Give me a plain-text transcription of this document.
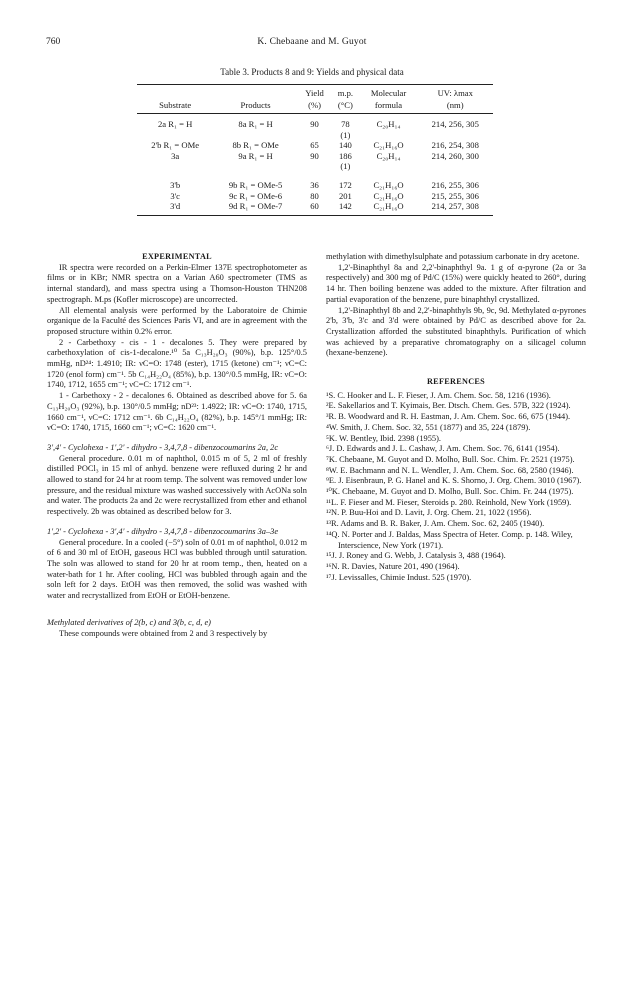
760	K. Chebaane and M. Guyot
Table 3. Products 8 and 9: Yields and physical data
		Yield	m.p.	Molecular	UV: λmax
Substrate	Products	(%)	(°C)	formula	(nm)
2a R₁ = H	8a R₁ = H	90	78	C₂₀H₁₄	214, 256, 305
			(1)		
2'b R₁ = OMe	8b R₁ = OMe	65	140	C₂₁H₁₆O	216, 254, 308
3a	9a R₁ = H	90	186	C₂₀H₁₄	214, 260, 300
			(1)		
3'b	9b R₁ = OMe-5	36	172	C₂₁H₁₆O	216, 255, 306
3'c	9c R₁ = OMe-6	80	201	C₂₁H₁₆O	215, 255, 306
3'd	9d R₁ = OMe-7	60	142	C₂₁H₁₆O	214, 257, 308

EXPERIMENTAL

IR spectra were recorded on a Perkin-Elmer 137E spectrophotometer as films or in KBr; NMR spectra on a Varian A60 spectrometer (TMS as internal standard), and mass spectra using a Thomson-Houston THN208 spectrograph. M.ps (Kofler microscope) are uncorrected.

All elemental analysis were performed by the Laboratoire de Chimie organique de la Faculté des Sciences Paris VI, and are in agreement with the proposed structure within 0.2% error.

2 - Carbethoxy - cis - 1 - decalones 5. They were prepared by carbethoxylation of cis-1-decalone.¹⁰ 5a C₁₃H₂₀O₃ (90%), b.p. 125°/0.5 mmHg, nD²⁴: 1.4910; IR: νC=O: 1748 (ester), 1715 (ketone) cm⁻¹; νC=C: 1720 (enol form) cm⁻¹. 5b C₁₄H₂₂O₄ (85%), b.p. 130°/0.5 mmHg, IR: νC=O: 1740, 1712, 1655 cm⁻¹; νC=C: 1712 cm⁻¹.

1 - Carbethoxy - 2 - decalones 6. Obtained as described above for 5. 6a C₁₃H₂₀O₃ (92%), b.p. 130°/0.5 mmHg; nD²³: 1.4922; IR: νC=O: 1740, 1715, 1660 cm⁻¹, νC=C: 1712 cm⁻¹. 6b C₁₄H₂₂O₄ (82%), b.p. 145°/1 mmHg; IR: νC=O: 1740, 1715, 1660 cm⁻¹; νC=C: 1620 cm⁻¹.

3',4' - Cyclohexa - 1',2' - dihydro - 3,4,7,8 - dibenzocoumarins 2a, 2c

General procedure. 0.01 m of naphthol, 0.015 m of 5, 2 ml of freshly distilled POCl₃ in 15 ml of anhyd. benzene were refluxed during 2 hr and allowed to stand for 24 hr at room temp. The solvent was removed under low pressure, and the residual mixture was washed successively with AcONa soln and water. The products 2a and 2c were recrystallized from ether and ethanol respectively. 2b was obtained as described below for 3.

1',2' - Cyclohexa - 3',4' - dihydro - 3,4,7,8 - dibenzocoumarins 3a–3e

General procedure. In a cooled (−5°) soln of 0.01 m of naphthol, 0.012 m of 6 and 30 ml of EtOH, gaseous HCl was bubbled through until saturation. The soln was allowed to stand for 20 hr at room temp., then, heated on a water-bath for 1 hr. After cooling, HCl was bubbled through again and the soln left for 2 days. EtOH was then removed, the solid was washed with water and recrystallized from EtOH or EtOH-benzene.

Methylated derivatives of 2(b, c) and 3(b, c, d, e)

These compounds were obtained from 2 and 3 respectively by

methylation with dimethylsulphate and potassium carbonate in dry acetone.

1,2'-Binaphthyl 8a and 2,2'-binaphthyl 9a. 1 g of α-pyrone (2a or 3a respectively) and 300 mg of Pd/C (15%) were quickly heated to 260°, during 14 hr. Then boiling benzene was added to the mixture. After filtration and partial evaporation of the benzene, pure binaphthyl crystallized.

1,2'-Binaphthyl 8b and 2,2'-binaphthyls 9b, 9c, 9d. Methylated α-pyrones 2'b, 3'b, 3'c and 3'd were obtained by Pd/C as described above for 2a. Crystallization afforded the substituted binaphthyls. Purification of which was achieved by a preparative chromatography on a silicagel column (hexane-benzene).

REFERENCES

¹S. C. Hooker and L. F. Fieser, J. Am. Chem. Soc. 58, 1216 (1936).

²E. Sakellarios and T. Kyimais, Ber. Dtsch. Chem. Ges. 57B, 322 (1924).

³R. B. Woodward and R. H. Eastman, J. Am. Chem. Soc. 66, 675 (1944).

⁴W. Smith, J. Chem. Soc. 32, 551 (1877) and 35, 224 (1879).

⁵K. W. Bentley, Ibid. 2398 (1955).

⁶J. D. Edwards and J. L. Cashaw, J. Am. Chem. Soc. 76, 6141 (1954).

⁷K. Chebaane, M. Guyot and D. Molho, Bull. Soc. Chim. Fr. 2521 (1975).

⁸W. E. Bachmann and N. L. Wendler, J. Am. Chem. Soc. 68, 2580 (1946).

⁹E. J. Eisenbraun, P. G. Hanel and K. S. Shorno, J. Org. Chem. 3010 (1967).

¹⁰K. Chebaane, M. Guyot and D. Molho, Bull. Soc. Chim. Fr. 244 (1975).

¹¹L. F. Fieser and M. Fieser, Steroids p. 280. Reinhold, New York (1959).

¹²N. P. Buu-Hoi and D. Lavit, J. Org. Chem. 21, 1022 (1956).

¹³R. Adams and B. R. Baker, J. Am. Chem. Soc. 62, 2405 (1940).

¹⁴Q. N. Porter and J. Baldas, Mass Spectra of Heter. Comp. p. 148. Wiley, Interscience, New York (1971).

¹⁵J. J. Roney and G. Webb, J. Catalysis 3, 488 (1964).

¹⁶N. R. Davies, Nature 201, 490 (1964).

¹⁷J. Levissalles, Chimie Indust. 525 (1970).
